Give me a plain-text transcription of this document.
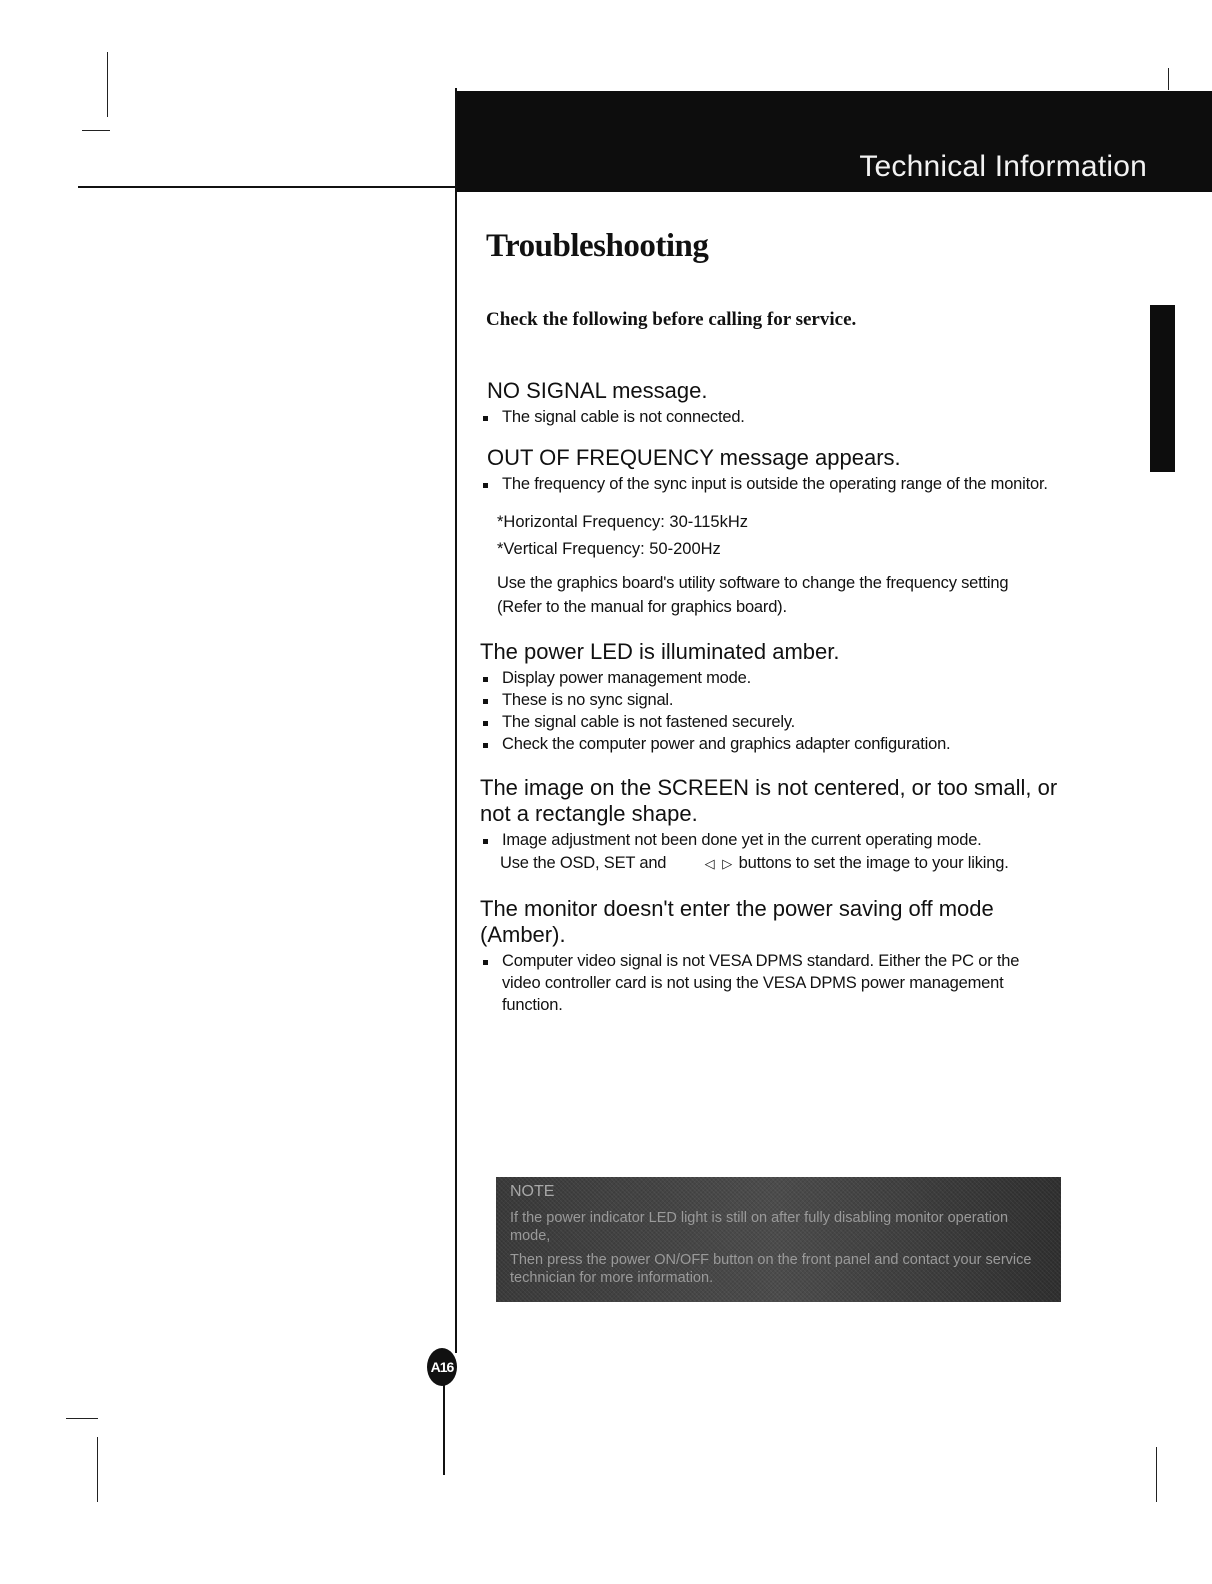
Technical Information
Troubleshooting

Check the following before calling for service.

NO SIGNAL message.
The signal cable is not connected.
OUT OF FREQUENCY message appears.
The frequency of the sync input is outside the operating range of the monitor.
*Horizontal Frequency: 30-115kHz
*Vertical Frequency: 50-200Hz

Use the graphics board's utility software to change the frequency setting (Refer to the manual for graphics board).

The power LED is illuminated amber.
Display power management mode.
These is no sync signal.
The signal cable is not fastened securely.
Check the computer power and graphics adapter configuration.
The image on the SCREEN is not centered, or too small, or not a rectangle shape.
Image adjustment not been done yet in the current operating mode.
Use the OSD, SET and	◁ ▷ buttons to set the image to your liking.
The monitor doesn't enter the power saving off mode (Amber).
Computer video signal is not VESA DPMS standard. Either the PC or the video controller card is not using the VESA DPMS power management function.
NOTE
If the power indicator LED light is still on after fully disabling monitor operation mode,
Then press the power ON/OFF button on the front panel and contact your service technician for more information.
A16
